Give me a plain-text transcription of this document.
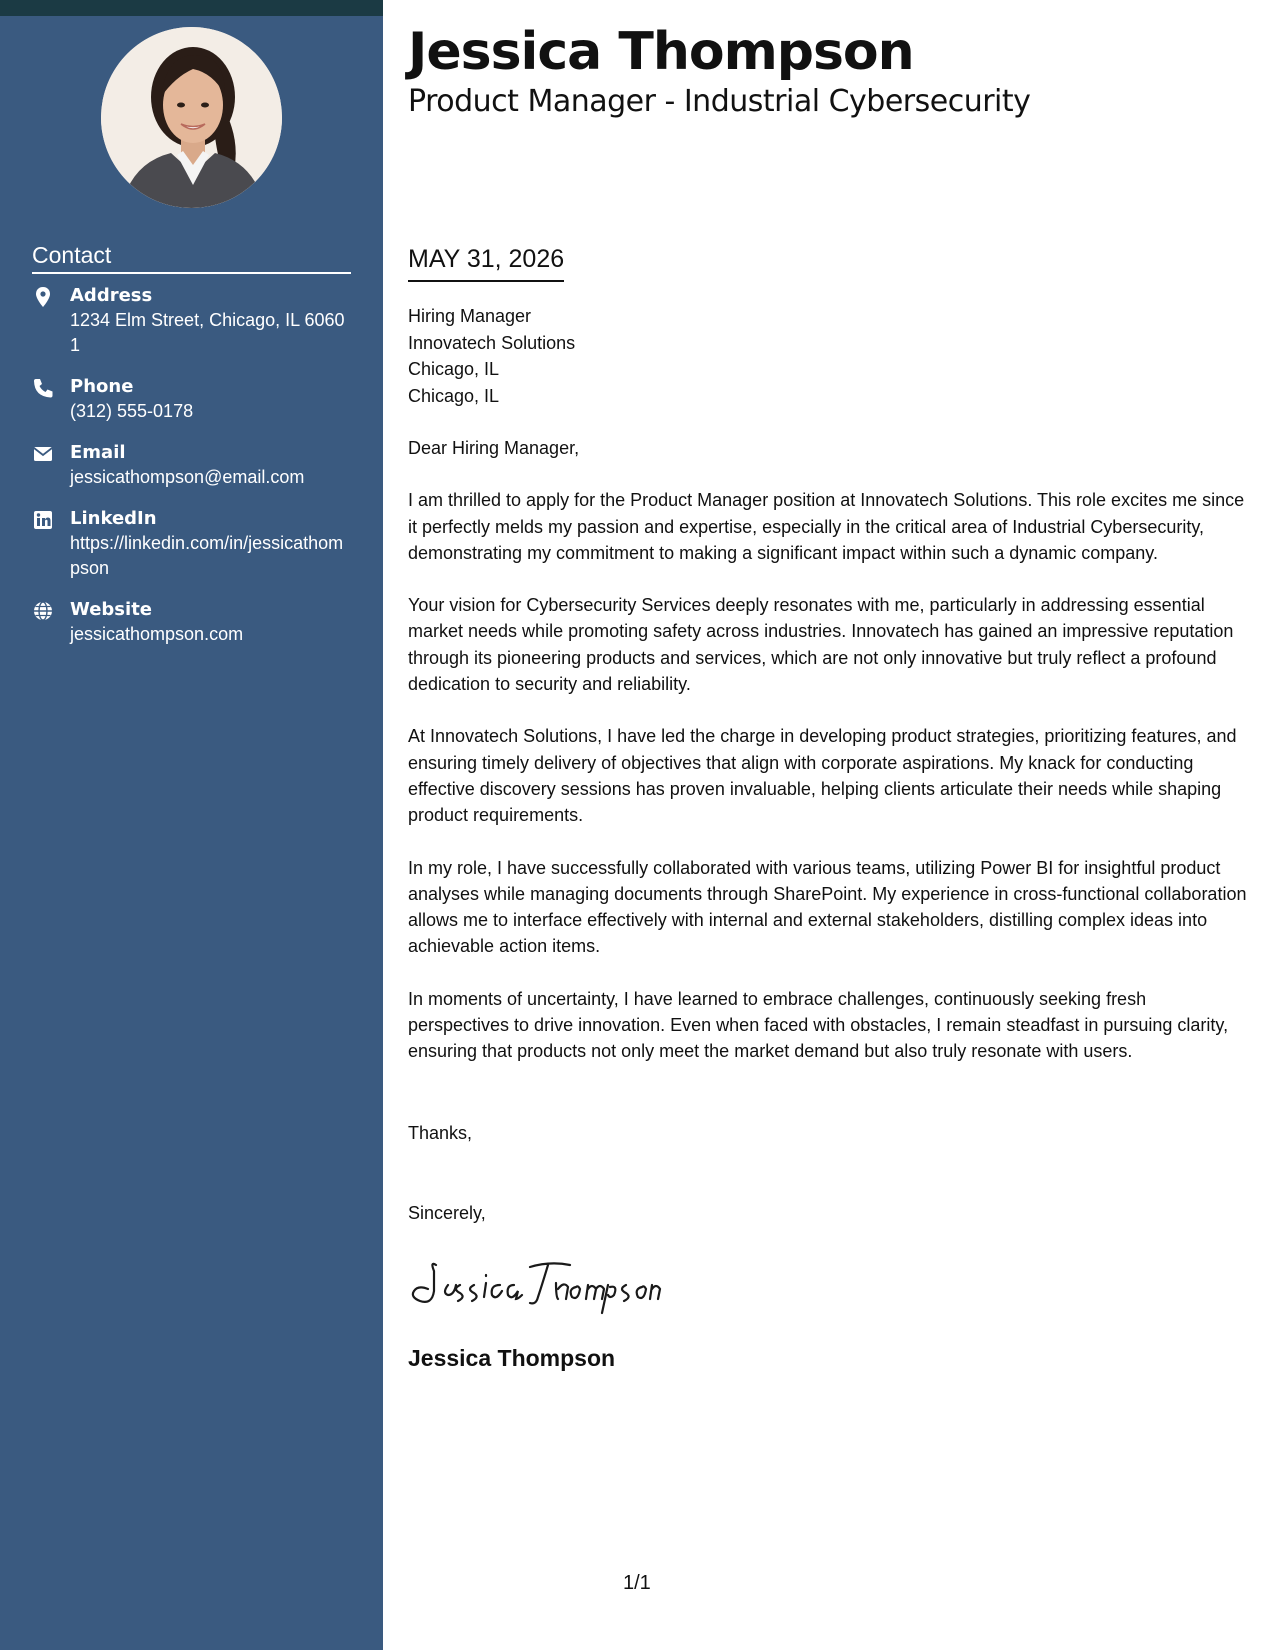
Contact
Address
1234 Elm Street, Chicago, IL 60601
Phone
(312) 555-0178
Email
jessicathompson@email.com
LinkedIn
https://linkedin.com/in/jessicathompson
Website
jessicathompson.com
Jessica Thompson
Product Manager - Industrial Cybersecurity
MAY 31, 2026
Hiring Manager
Innovatech Solutions
Chicago, IL
Chicago, IL

Dear Hiring Manager,

I am thrilled to apply for the Product Manager position at Innovatech Solutions. This role excites me since it perfectly melds my passion and expertise, especially in the critical area of Industrial Cybersecurity, demonstrating my commitment to making a significant impact within such a dynamic company.

Your vision for Cybersecurity Services deeply resonates with me, particularly in addressing essential market needs while promoting safety across industries. Innovatech has gained an impressive reputation through its pioneering products and services, which are not only innovative but truly reflect a profound dedication to security and reliability.

At Innovatech Solutions, I have led the charge in developing product strategies, prioritizing features, and ensuring timely delivery of objectives that align with corporate aspirations. My knack for conducting effective discovery sessions has proven invaluable, helping clients articulate their needs while shaping product requirements.

In my role, I have successfully collaborated with various teams, utilizing Power BI for insightful product analyses while managing documents through SharePoint. My experience in cross-functional collaboration allows me to interface effectively with internal and external stakeholders, distilling complex ideas into achievable action items.

In moments of uncertainty, I have learned to embrace challenges, continuously seeking fresh perspectives to drive innovation. Even when faced with obstacles, I remain steadfast in pursuing clarity, ensuring that products not only meet the market demand but also truly resonate with users.

Thanks,
Sincerely,
Jessica Thompson
1/1
